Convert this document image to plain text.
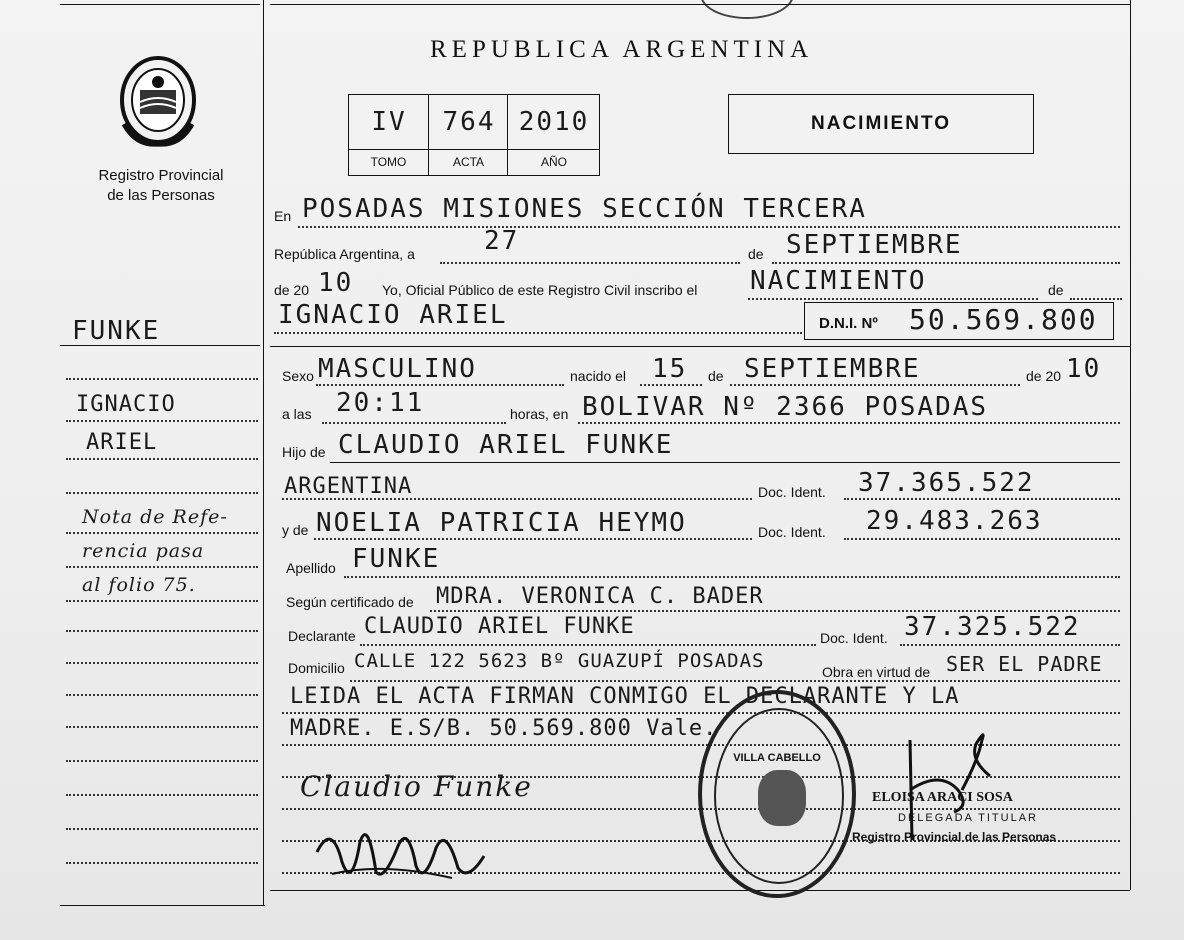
Registro Provincial
de las Personas
REPUBLICA ARGENTINA
IV	764 2010
TOMO	ACTA	AÑO
NACIMIENTO
FUNKE
IGNACIO
ARIEL
Nota de Refe-
rencia pasa
al folio 75.
En POSADAS MISIONES SECCIÓN TERCERA
República Argentina, a	27	de SEPTIEMBRE
de 20 10 Yo, Oficial Público de este Registro Civil inscribo el NACIMIENTO	de
IGNACIO ARIEL	D.N.I. Nº 50.569.800
Sexo MASCULINO	nacido el 15 de SEPTIEMBRE	de 20 10
a las 20:11	horas, en BOLIVAR Nº 2366 POSADAS
Hijo de CLAUDIO ARIEL FUNKE
ARGENTINA	Doc. Ident. 37.365.522
y de NOELIA PATRICIA HEYMO	Doc. Ident. 29.483.263
Apellido FUNKE
Según certificado de MDRA. VERONICA C. BADER
Declarante CLAUDIO ARIEL FUNKE	Doc. Ident. 37.325.522
Domicilio CALLE 122 5623 Bº GUAZUPÍ POSADAS	Obra en virtud de SER EL PADRE
LEIDA EL ACTA FIRMAN CONMIGO EL DECLARANTE Y LA
MADRE. E.S/B. 50.569.800 Vale.
Claudio Funke
VILLA CABELLO
ELOISA ARACI SOSA
DELEGADA TITULAR
Registro Provincial de las Personas
